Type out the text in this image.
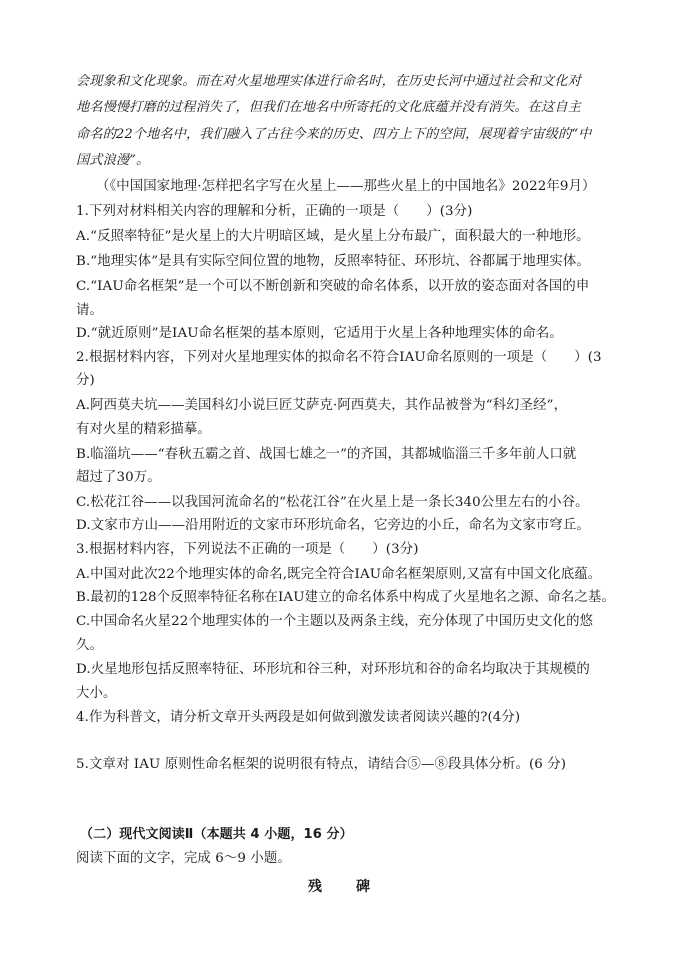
会现象和文化现象。而在对火星地理实体进行命名时，在历史长河中通过社会和文化对
地名慢慢打磨的过程消失了，但我们在地名中所寄托的文化底蕴并没有消失。在这自主
命名的22个地名中，我们融入了古往今来的历史、四方上下的空间，展现着宇宙级的“中
国式浪漫”。
（《中国国家地理·怎样把名字写在火星上——那些火星上的中国地名》2022年9月）
1.下列对材料相关内容的理解和分析，正确的一项是（　　）(3分)
A.“反照率特征”是火星上的大片明暗区域，是火星上分布最广，面积最大的一种地形。
B.“地理实体”是具有实际空间位置的地物，反照率特征、环形坑、谷都属于地理实体。
C.“IAU命名框架”是一个可以不断创新和突破的命名体系，以开放的姿态面对各国的申
请。
D.“就近原则”是IAU命名框架的基本原则，它适用于火星上各种地理实体的命名。
2.根据材料内容，下列对火星地理实体的拟命名不符合IAU命名原则的一项是（　　）(3
分)
A.阿西莫夫坑——美国科幻小说巨匠艾萨克·阿西莫夫，其作品被誉为“科幻圣经”，
有对火星的精彩描摹。
B.临淄坑——“春秋五霸之首、战国七雄之一”的齐国，其都城临淄三千多年前人口就
超过了30万。
C.松花江谷——以我国河流命名的“松花江谷”在火星上是一条长340公里左右的小谷。
D.文家市方山——沿用附近的文家市环形坑命名，它旁边的小丘，命名为文家市穹丘。
3.根据材料内容，下列说法不正确的一项是（　　）(3分)
A.中国对此次22个地理实体的命名,既完全符合IAU命名框架原则,又富有中国文化底蕴。
B.最初的128个反照率特征名称在IAU建立的命名体系中构成了火星地名之源、命名之基。
C.中国命名火星22个地理实体的一个主题以及两条主线，充分体现了中国历史文化的悠
久。
D.火星地形包括反照率特征、环形坑和谷三种，对环形坑和谷的命名均取决于其规模的
大小。
4.作为科普文，请分析文章开头两段是如何做到激发读者阅读兴趣的?(4分)
5.文章对 IAU 原则性命名框架的说明很有特点，请结合⑤—⑧段具体分析。(6 分)
（二）现代文阅读Ⅱ（本题共 4 小题，16 分）
阅读下面的文字，完成 6～9 小题。
残　碑
